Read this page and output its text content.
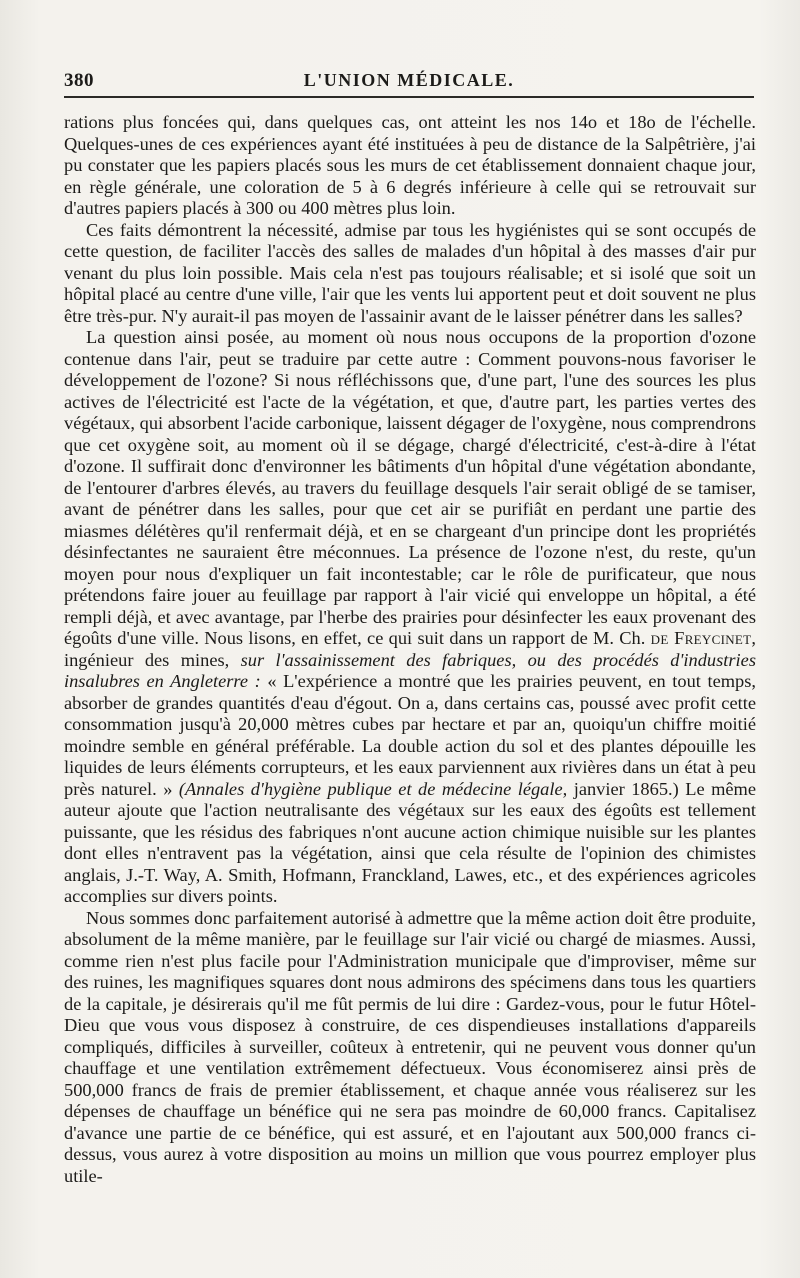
380	L'UNION MÉDICALE.

rations plus foncées qui, dans quelques cas, ont atteint les nos 14o et 18o de l'échelle. Quelques-unes de ces expériences ayant été instituées à peu de distance de la Salpêtrière, j'ai pu constater que les papiers placés sous les murs de cet établissement donnaient chaque jour, en règle générale, une coloration de 5 à 6 degrés inférieure à celle qui se retrouvait sur d'autres papiers placés à 300 ou 400 mètres plus loin.

Ces faits démontrent la nécessité, admise par tous les hygiénistes qui se sont occupés de cette question, de faciliter l'accès des salles de malades d'un hôpital à des masses d'air pur venant du plus loin possible. Mais cela n'est pas toujours réalisable; et si isolé que soit un hôpital placé au centre d'une ville, l'air que les vents lui apportent peut et doit souvent ne plus être très-pur. N'y aurait-il pas moyen de l'assainir avant de le laisser pénétrer dans les salles?

La question ainsi posée, au moment où nous nous occupons de la proportion d'ozone contenue dans l'air, peut se traduire par cette autre : Comment pouvons-nous favoriser le développement de l'ozone? Si nous réfléchissons que, d'une part, l'une des sources les plus actives de l'électricité est l'acte de la végétation, et que, d'autre part, les parties vertes des végétaux, qui absorbent l'acide carbonique, laissent dégager de l'oxygène, nous comprendrons que cet oxygène soit, au moment où il se dégage, chargé d'électricité, c'est-à-dire à l'état d'ozone. Il suffirait donc d'environner les bâtiments d'un hôpital d'une végétation abondante, de l'entourer d'arbres élevés, au travers du feuillage desquels l'air serait obligé de se tamiser, avant de pénétrer dans les salles, pour que cet air se purifiât en perdant une partie des miasmes délétères qu'il renfermait déjà, et en se chargeant d'un principe dont les propriétés désinfectantes ne sauraient être méconnues. La présence de l'ozone n'est, du reste, qu'un moyen pour nous d'expliquer un fait incontestable; car le rôle de purificateur, que nous prétendons faire jouer au feuillage par rapport à l'air vicié qui enveloppe un hôpital, a été rempli déjà, et avec avantage, par l'herbe des prairies pour désinfecter les eaux provenant des égoûts d'une ville. Nous lisons, en effet, ce qui suit dans un rapport de M. Ch. de Freycinet, ingénieur des mines, sur l'assainissement des fabriques, ou des procédés d'industries insalubres en Angleterre : « L'expérience a montré que les prairies peuvent, en tout temps, absorber de grandes quantités d'eau d'égout. On a, dans certains cas, poussé avec profit cette consommation jusqu'à 20,000 mètres cubes par hectare et par an, quoiqu'un chiffre moitié moindre semble en général préférable. La double action du sol et des plantes dépouille les liquides de leurs éléments corrupteurs, et les eaux parviennent aux rivières dans un état à peu près naturel. » (Annales d'hygiène publique et de médecine légale, janvier 1865.) Le même auteur ajoute que l'action neutralisante des végétaux sur les eaux des égoûts est tellement puissante, que les résidus des fabriques n'ont aucune action chimique nuisible sur les plantes dont elles n'entravent pas la végétation, ainsi que cela résulte de l'opinion des chimistes anglais, J.-T. Way, A. Smith, Hofmann, Franckland, Lawes, etc., et des expériences agricoles accomplies sur divers points.

Nous sommes donc parfaitement autorisé à admettre que la même action doit être produite, absolument de la même manière, par le feuillage sur l'air vicié ou chargé de miasmes. Aussi, comme rien n'est plus facile pour l'Administration municipale que d'improviser, même sur des ruines, les magnifiques squares dont nous admirons des spécimens dans tous les quartiers de la capitale, je désirerais qu'il me fût permis de lui dire : Gardez-vous, pour le futur Hôtel-Dieu que vous vous disposez à construire, de ces dispendieuses installations d'appareils compliqués, difficiles à surveiller, coûteux à entretenir, qui ne peuvent vous donner qu'un chauffage et une ventilation extrêmement défectueux. Vous économiserez ainsi près de 500,000 francs de frais de premier établissement, et chaque année vous réaliserez sur les dépenses de chauffage un bénéfice qui ne sera pas moindre de 60,000 francs. Capitalisez d'avance une partie de ce bénéfice, qui est assuré, et en l'ajoutant aux 500,000 francs ci-dessus, vous aurez à votre disposition au moins un million que vous pourrez employer plus utile-
